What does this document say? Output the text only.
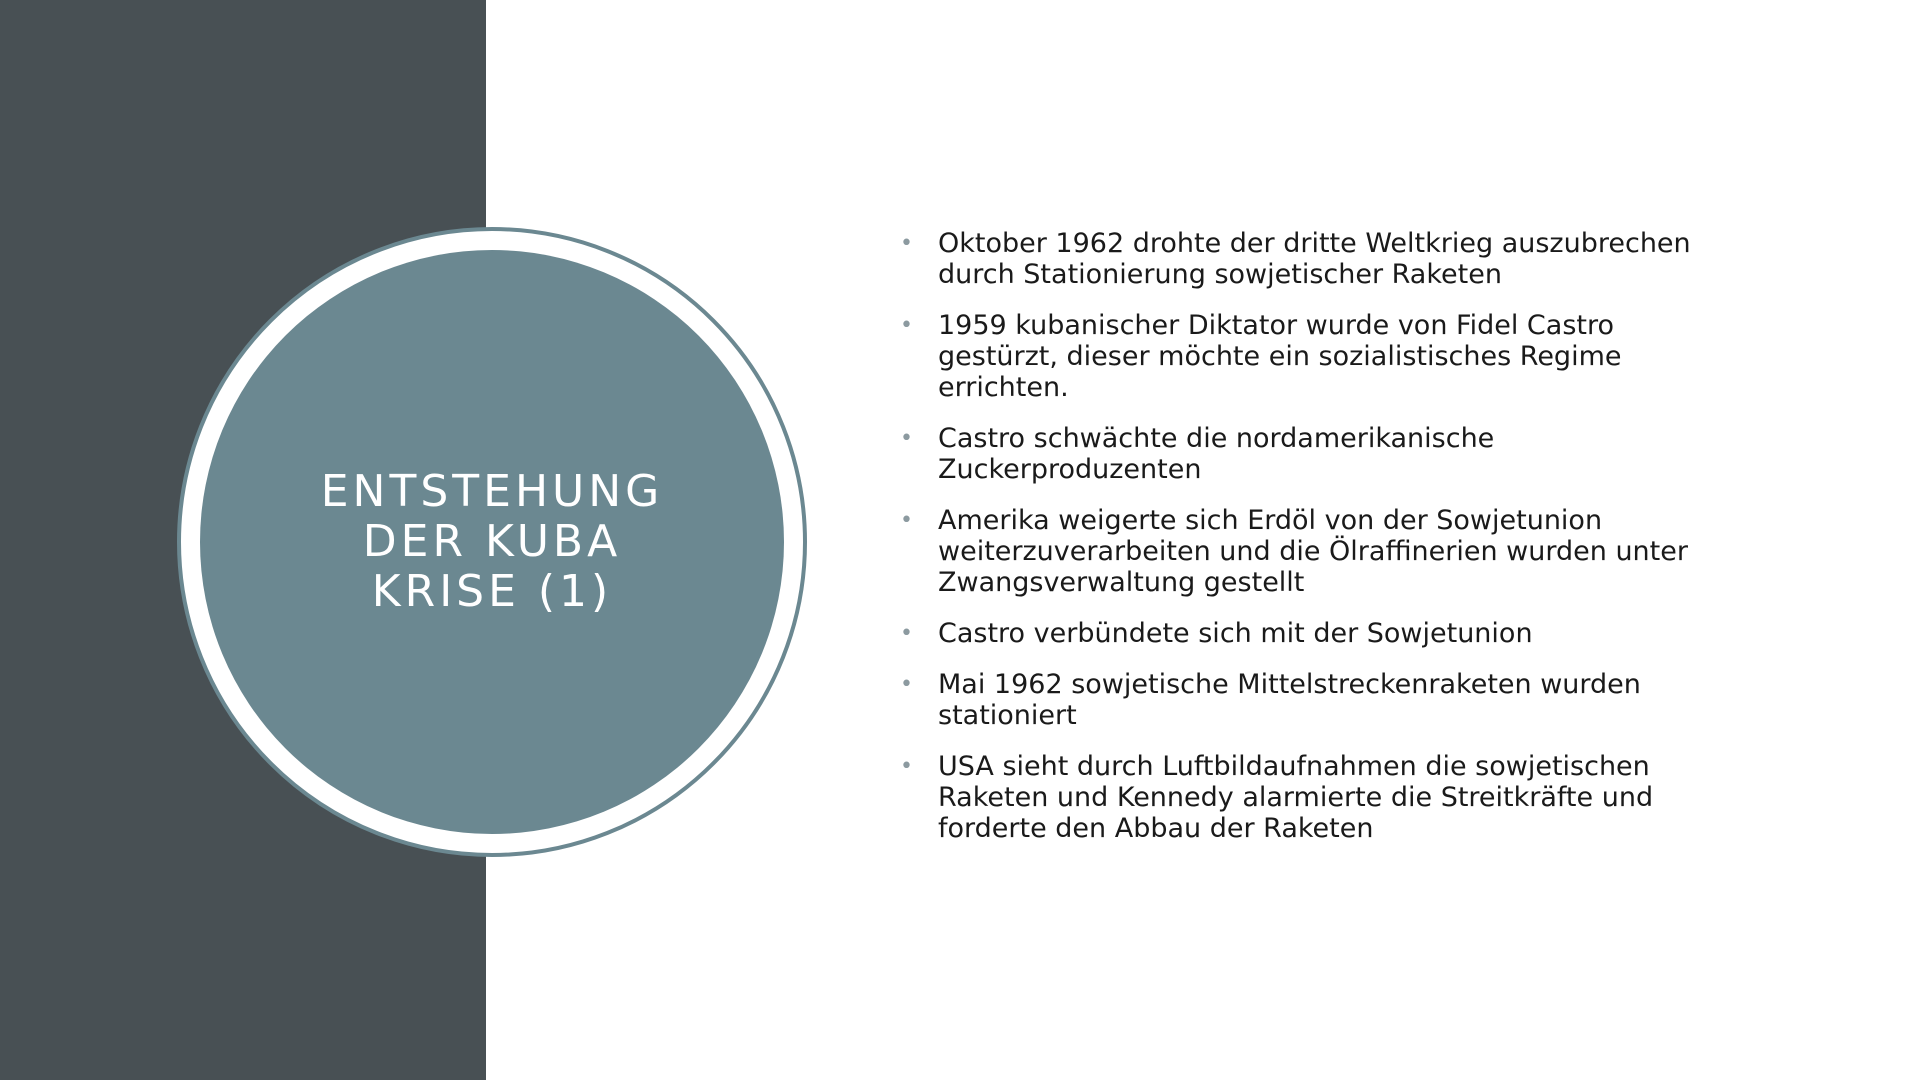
ENTSTEHUNG DER KUBA KRISE (1)
• Oktober 1962 drohte der dritte Weltkrieg auszubrechen durch Stationierung sowjetischer Raketen
• 1959 kubanischer Diktator wurde von Fidel Castro gestürzt, dieser möchte ein sozialistisches Regime errichten.
• Castro schwächte die nordamerikanische Zuckerproduzenten
• Amerika weigerte sich Erdöl von der Sowjetunion weiterzuverarbeiten und die Ölraffinerien wurden unter Zwangsverwaltung gestellt
• Castro verbündete sich mit der Sowjetunion
• Mai 1962 sowjetische Mittelstreckenraketen wurden stationiert
• USA sieht durch Luftbildaufnahmen die sowjetischen Raketen und Kennedy alarmierte die Streitkräfte und forderte den Abbau der Raketen
